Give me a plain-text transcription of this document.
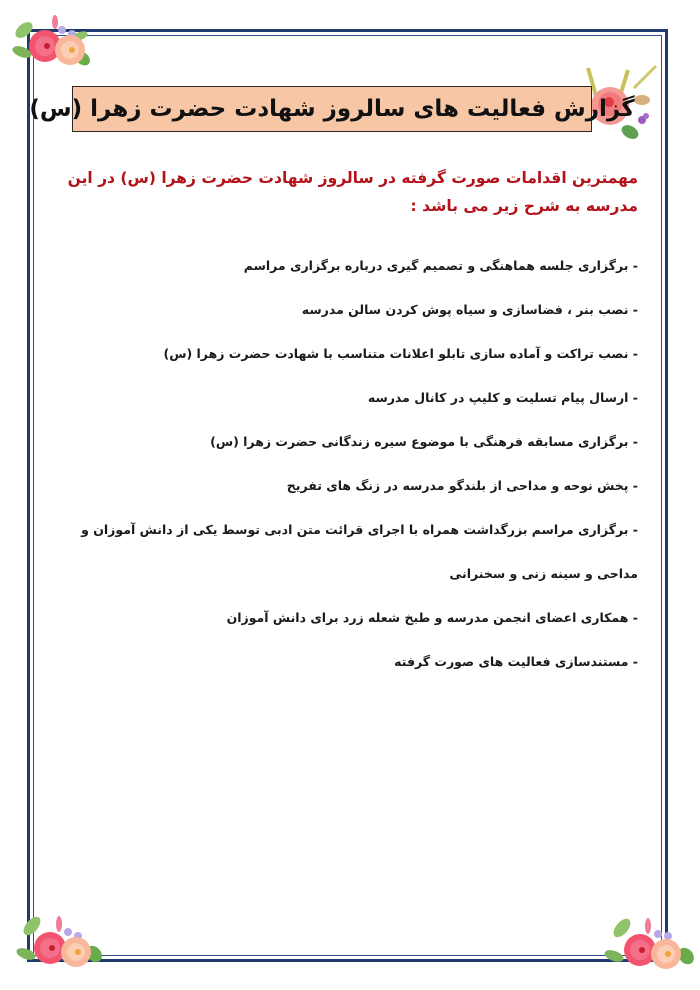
گزارش فعالیت های سالروز شهادت حضرت زهرا (س)
مهمترین اقدامات صورت گرفته در سالروز شهادت حضرت زهرا (س) در این مدرسه به شرح زیر می باشد :
- برگزاری جلسه هماهنگی و تصمیم گیری درباره برگزاری مراسم
- نصب بنر ، فضاسازی و سیاه پوش کردن سالن مدرسه
- نصب تراکت و آماده سازی تابلو اعلانات متناسب با شهادت حضرت زهرا (س)
- ارسال پیام تسلیت و کلیپ در کانال مدرسه
- برگزاری مسابقه فرهنگی با موضوع سیره زندگانی حضرت زهرا (س)
- پخش نوحه و مداحی از بلندگو مدرسه در زنگ های تفریح
- برگزاری مراسم بزرگداشت همراه با اجرای قرائت متن ادبی توسط یکی از دانش آموزان و مداحی و سینه زنی و سخنرانی
- همکاری اعضای انجمن مدرسه و طبخ شعله زرد برای دانش آموزان
- مستندسازی فعالیت های صورت گرفته
